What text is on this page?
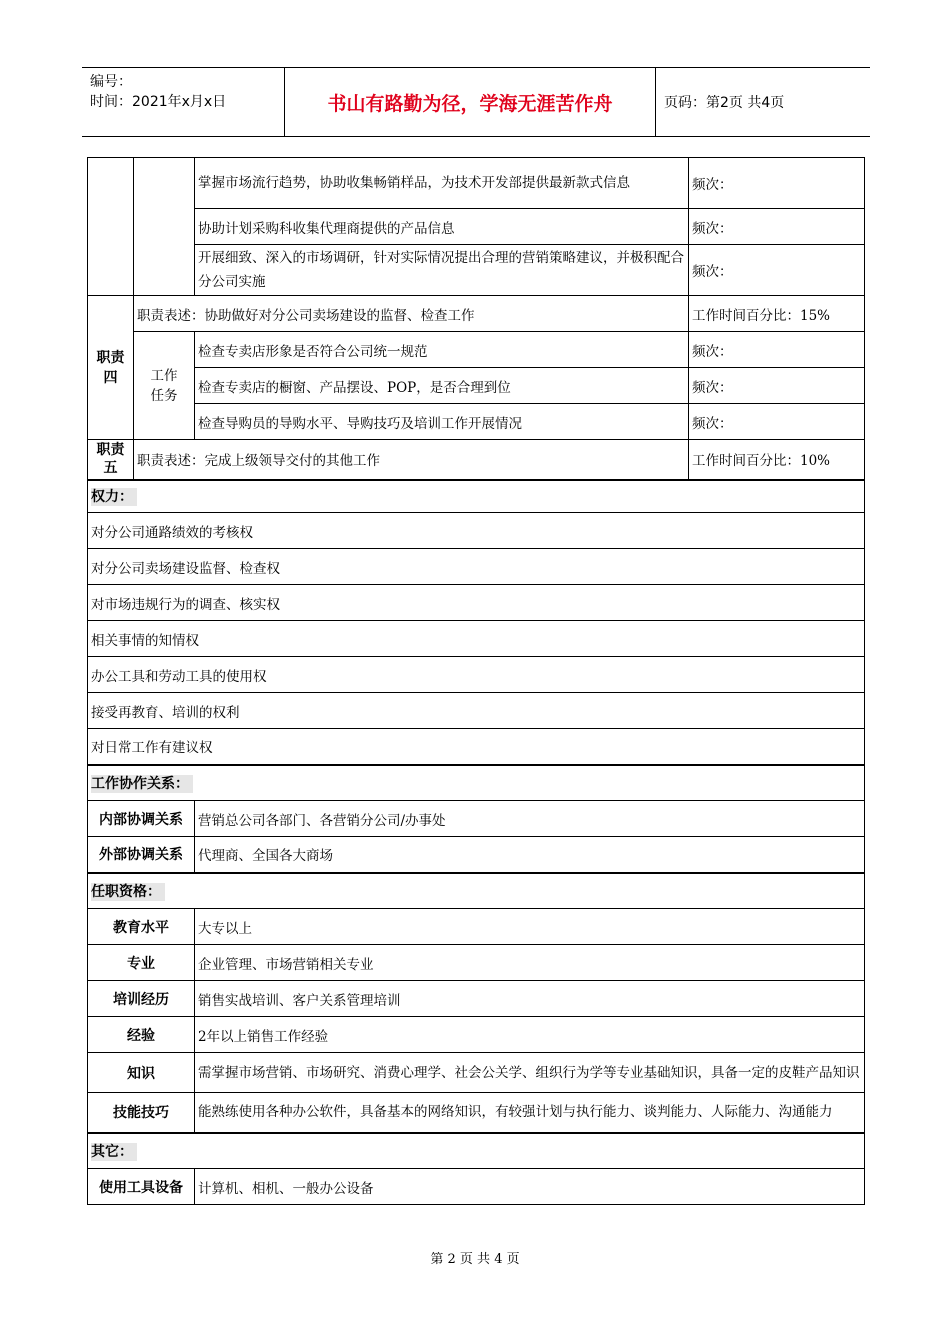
编号：
时间：2021年x月x日	书山有路勤为径，学海无涯苦作舟	页码：第2页 共4页
		掌握市场流行趋势，协助收集畅销样品，为技术开发部提供最新款式信息	频次：
		协助计划采购科收集代理商提供的产品信息	频次：
		开展细致、深入的市场调研，针对实际情况提出合理的营销策略建议，并极积配合分公司实施	频次：
职责四	职责表述：协助做好对分公司卖场建设的监督、检查工作		工作时间百分比：15%
	工作任务	检查专卖店形象是否符合公司统一规范	频次：
		检查专卖店的橱窗、产品摆设、POP，是否合理到位	频次：
		检查导购员的导购水平、导购技巧及培训工作开展情况	频次：
职责五	职责表述：完成上级领导交付的其他工作		工作时间百分比：10%
权力：			
对分公司通路绩效的考核权			
对分公司卖场建设监督、检查权			
对市场违规行为的调查、核实权			
相关事情的知情权			
办公工具和劳动工具的使用权			
接受再教育、培训的权利			
对日常工作有建议权			
工作协作关系：			
内部协调关系		营销总公司各部门、各营销分公司/办事处	
外部协调关系		代理商、全国各大商场	
任职资格：			
教育水平		大专以上	
专业		企业管理、市场营销相关专业	
培训经历		销售实战培训、客户关系管理培训	
经验		2年以上销售工作经验	
知识		需掌握市场营销、市场研究、消费心理学、社会公关学、组织行为学等专业基础知识，具备一定的皮鞋产品知识	
技能技巧		能熟练使用各种办公软件，具备基本的网络知识，有较强计划与执行能力、谈判能力、人际能力、沟通能力	
其它：			
使用工具设备		计算机、相机、一般办公设备	
第 2 页 共 4 页
